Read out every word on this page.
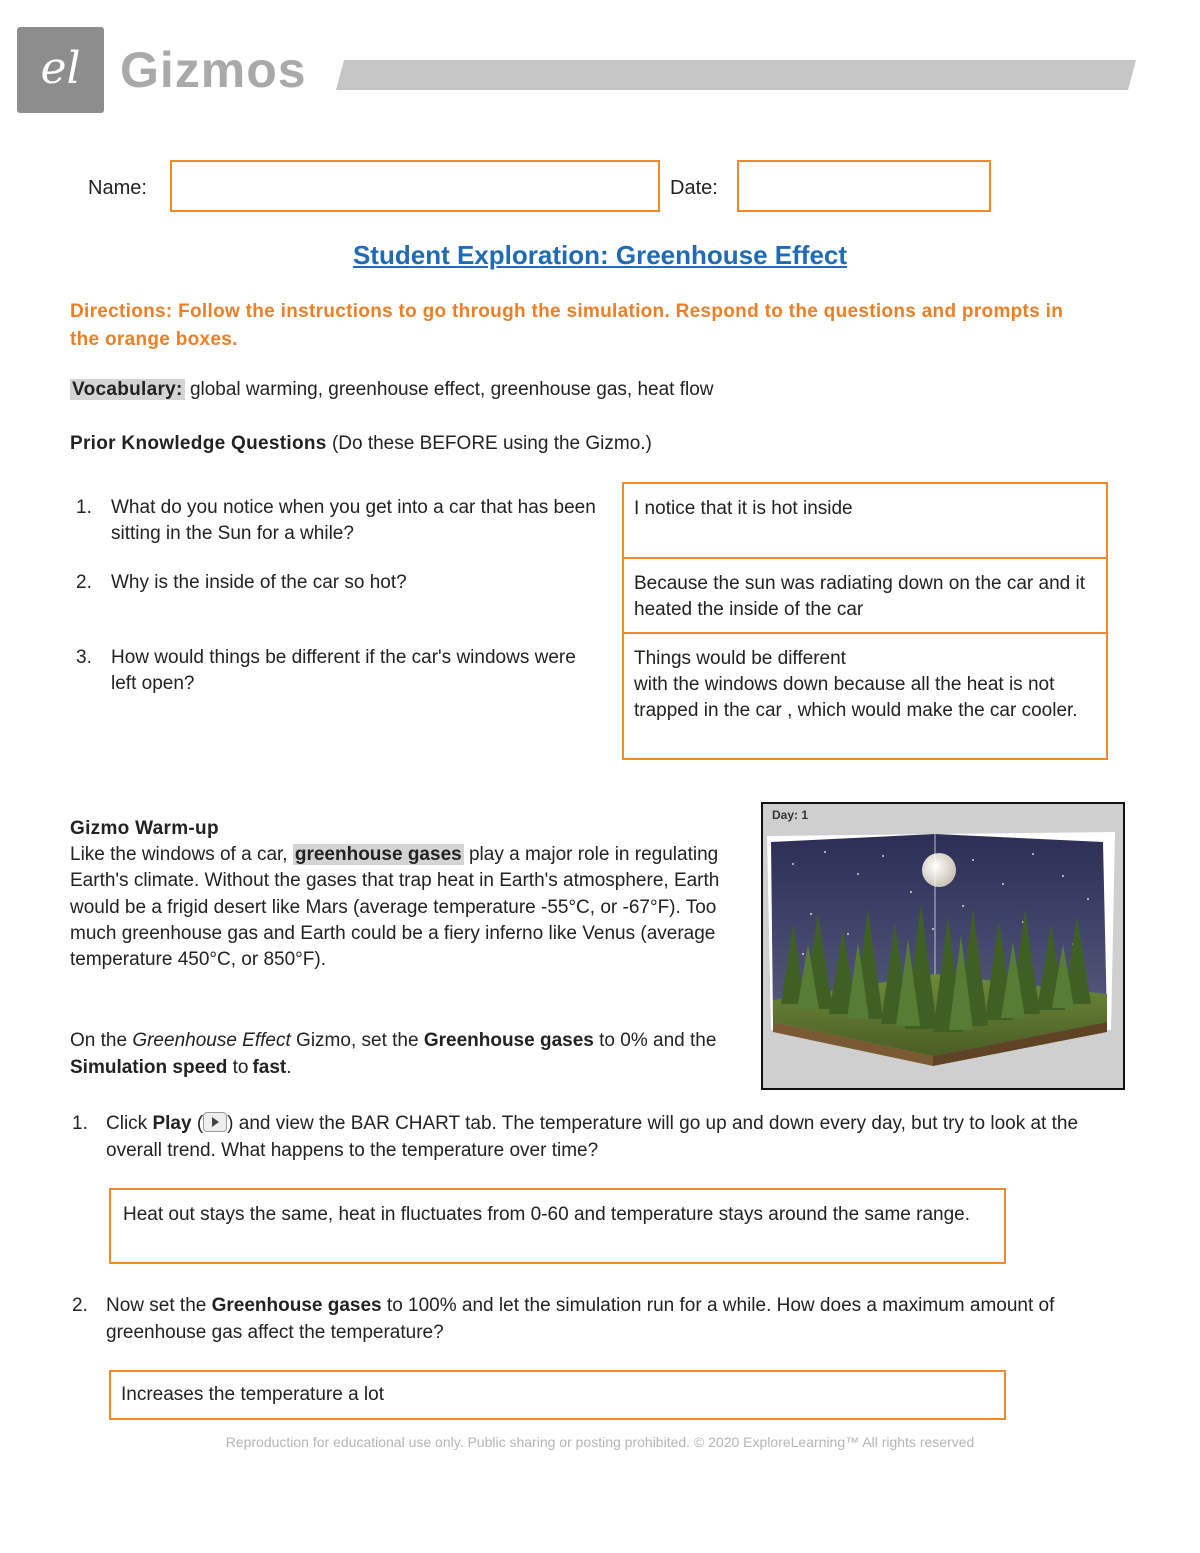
el Gizmos
Name:	Date:
Student Exploration: Greenhouse Effect
Directions: Follow the instructions to go through the simulation. Respond to the questions and prompts in the orange boxes.
Vocabulary: global warming, greenhouse effect, greenhouse gas, heat flow
Prior Knowledge Questions (Do these BEFORE using the Gizmo.)
1. What do you notice when you get into a car that has been sitting in the Sun for a while?
2. Why is the inside of the car so hot?
3. How would things be different if the car's windows were left open?
I notice that it is hot inside
Because the sun was radiating down on the car and it heated the inside of the car
Things would be different
with the windows down because all the heat is not trapped in the car , which would make the car cooler.
Gizmo Warm-up
Like the windows of a car, greenhouse gases play a major role in regulating Earth's climate. Without the gases that trap heat in Earth's atmosphere, Earth would be a frigid desert like Mars (average temperature -55°C, or -67°F). Too much greenhouse gas and Earth could be a fiery inferno like Venus (average temperature 450°C, or 850°F).
On the Greenhouse Effect Gizmo, set the Greenhouse gases to 0% and the Simulation speed to fast.
Day: 1
1. Click Play ( ) and view the BAR CHART tab. The temperature will go up and down every day, but try to look at the overall trend. What happens to the temperature over time?
Heat out stays the same, heat in fluctuates from 0-60 and temperature stays around the same range.
2. Now set the Greenhouse gases to 100% and let the simulation run for a while. How does a maximum amount of greenhouse gas affect the temperature?
Increases the temperature a lot
Reproduction for educational use only. Public sharing or posting prohibited. © 2020 ExploreLearning™ All rights reserved
